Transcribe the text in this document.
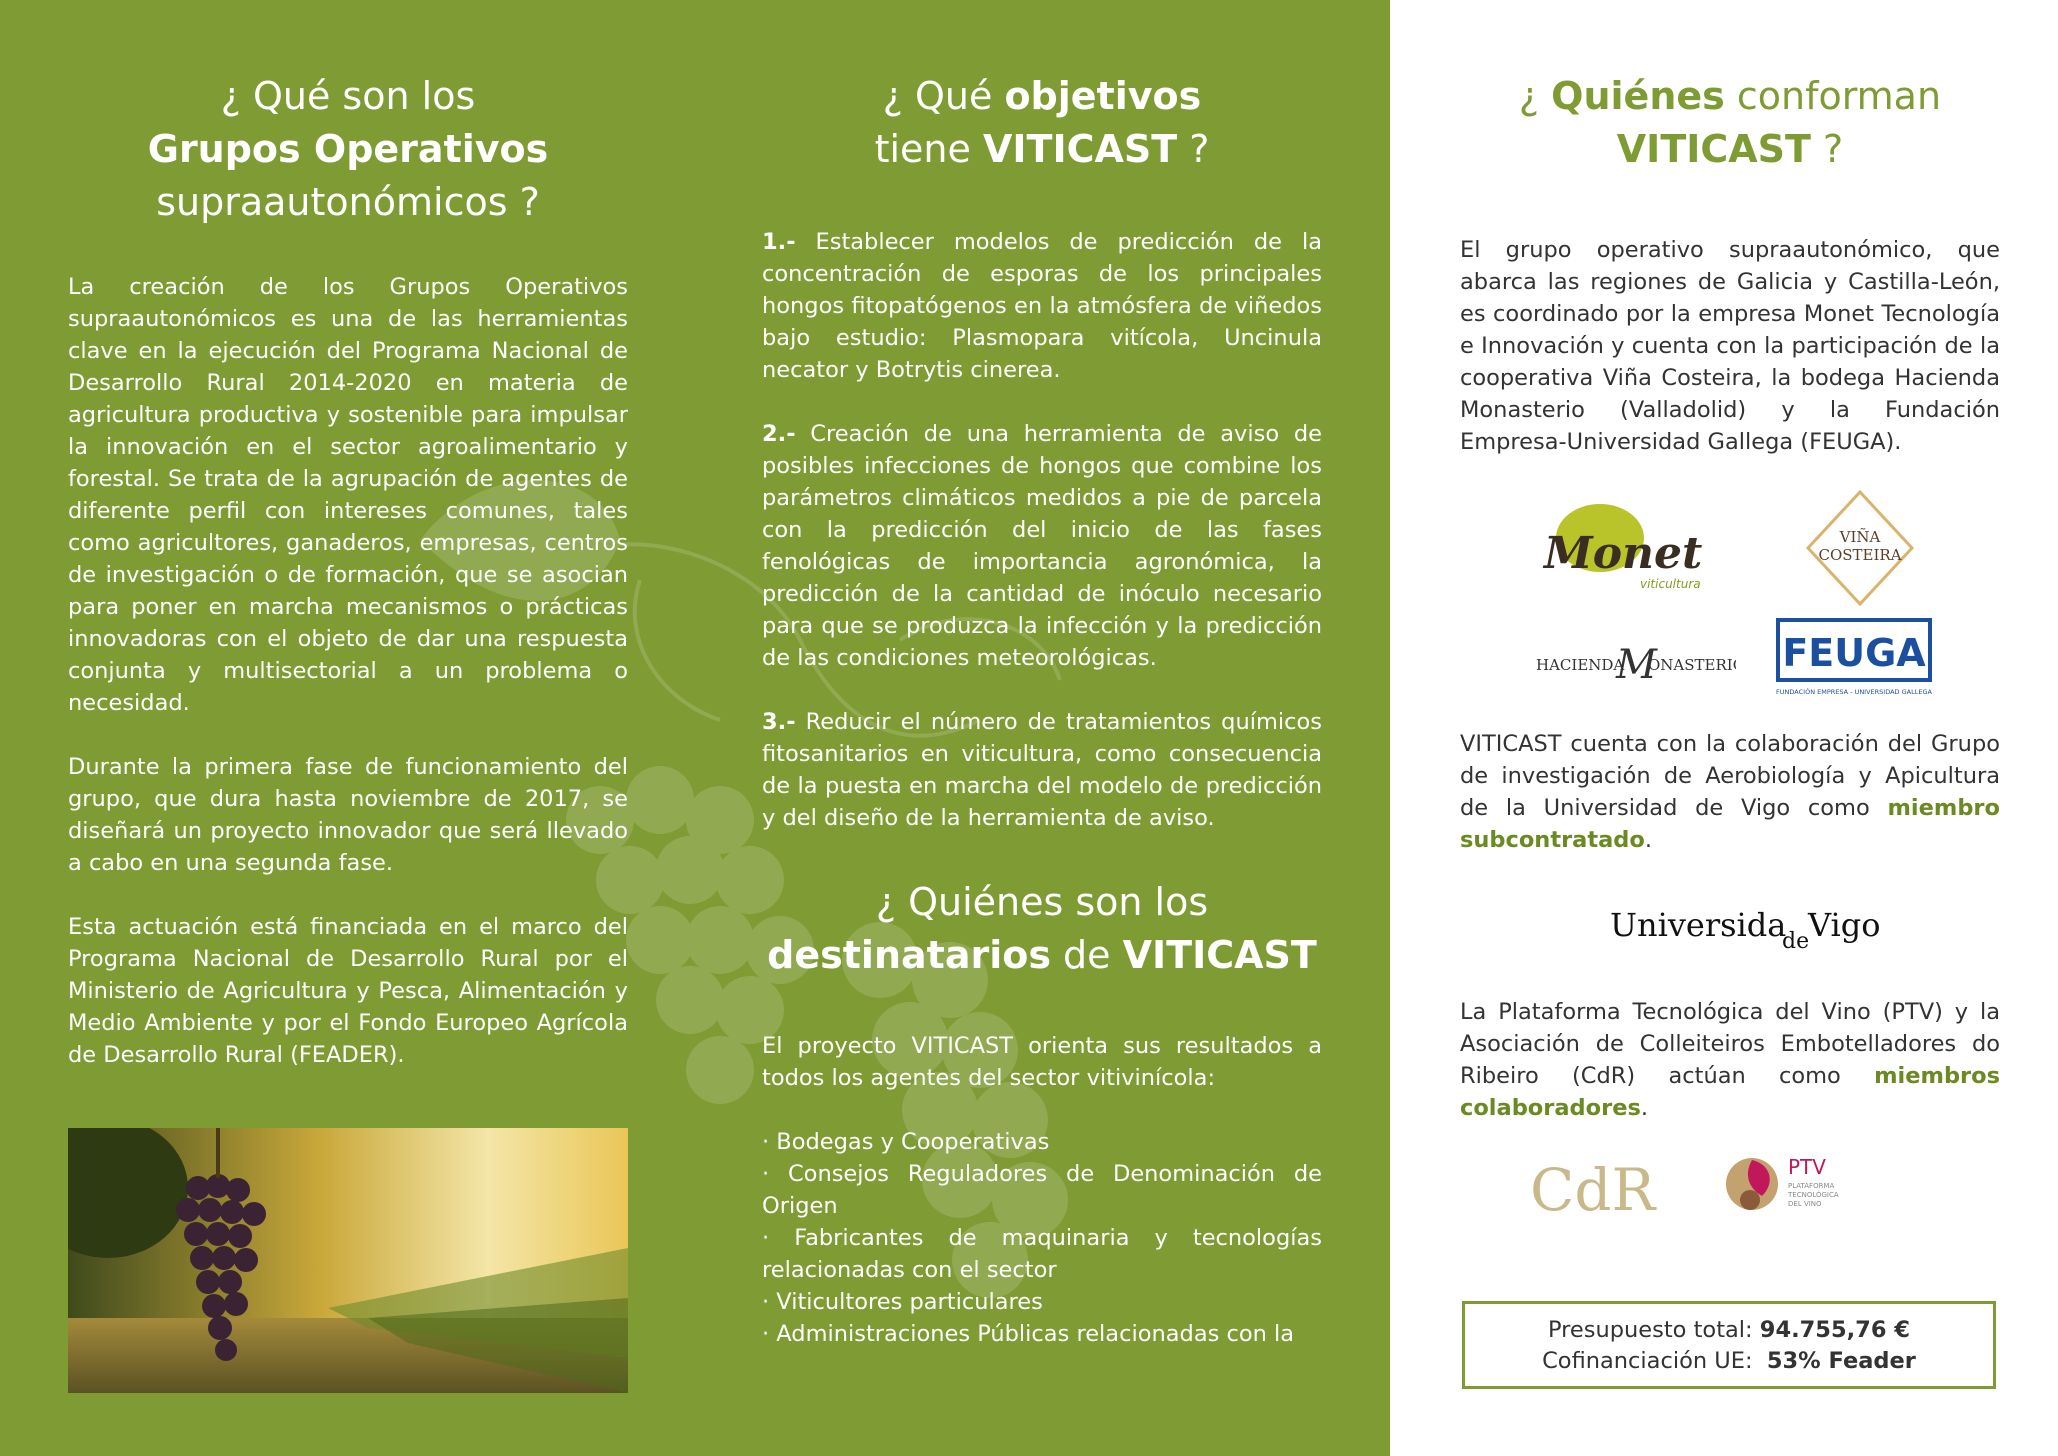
¿ Qué son los
Grupos Operativos
supraautonómicos ?

La creación de los Grupos Operativos supraautonómicos es una de las herramientas clave en la ejecución del Programa Nacional de Desarrollo Rural 2014-2020 en materia de agricultura productiva y sostenible para impulsar la innovación en el sector agroalimentario y forestal. Se trata de la agrupación de agentes de diferente perfil con intereses comunes, tales como agricultores, ganaderos, empresas, centros de investigación o de formación, que se asocian para poner en marcha mecanismos o prácticas innovadoras con el objeto de dar una respuesta conjunta y multisectorial a un problema o necesidad.

Durante la primera fase de funcionamiento del grupo, que dura hasta noviembre de 2017, se diseñará un proyecto innovador que será llevado a cabo en una segunda fase.

Esta actuación está financiada en el marco del Programa Nacional de Desarrollo Rural por el Ministerio de Agricultura y Pesca, Alimentación y Medio Ambiente y por el Fondo Europeo Agrícola de Desarrollo Rural (FEADER).

¿ Qué objetivos
tiene VITICAST ?

1.- Establecer modelos de predicción de la concentración de esporas de los principales hongos fitopatógenos en la atmósfera de viñedos bajo estudio: Plasmopara vitícola, Uncinula necator y Botrytis cinerea.

2.- Creación de una herramienta de aviso de posibles infecciones de hongos que combine los parámetros climáticos medidos a pie de parcela con la predicción del inicio de las fases fenológicas de importancia agronómica, la predicción de la cantidad de inóculo necesario para que se produzca la infección y la predicción de las condiciones meteorológicas.

3.- Reducir el número de tratamientos químicos fitosanitarios en viticultura, como consecuencia de la puesta en marcha del modelo de predicción y del diseño de la herramienta de aviso.

¿ Quiénes son los
destinatarios de VITICAST

El proyecto VITICAST orienta sus resultados a todos los agentes del sector vitivinícola:

· Bodegas y Cooperativas

· Consejos Reguladores de Denominación de Origen

· Fabricantes de maquinaria y tecnologías relacionadas con el sector

· Viticultores particulares

· Administraciones Públicas relacionadas con la

¿ Quiénes conforman
VITICAST ?

El grupo operativo supraautonómico, que abarca las regiones de Galicia y Castilla-León, es coordinado por la empresa Monet Tecnología e Innovación y cuenta con la participación de la cooperativa Viña Costeira, la bodega Hacienda Monasterio (Valladolid) y la Fundación Empresa-Universidad Gallega (FEUGA).

Monet
viticultura
VIÑA
COSTEIRA
HACIENDA
M
ONASTERIO FEUGA
FUNDACIÓN EMPRESA - UNIVERSIDAD GALLEGA

VITICAST cuenta con la colaboración del Grupo de investigación de Aerobiología y Apicultura de la Universidad de Vigo como miembro subcontratado.

Universida
de
Vigo

La Plataforma Tecnológica del Vino (PTV) y la Asociación de Colleiteiros Embotelladores do Ribeiro (CdR) actúan como miembros colaboradores.

CdR	PTV
PLATAFORMA
TECNOLÓGICA
DEL VINO
Presupuesto total: 94.755,76 €
Cofinanciación UE:  53% Feader
